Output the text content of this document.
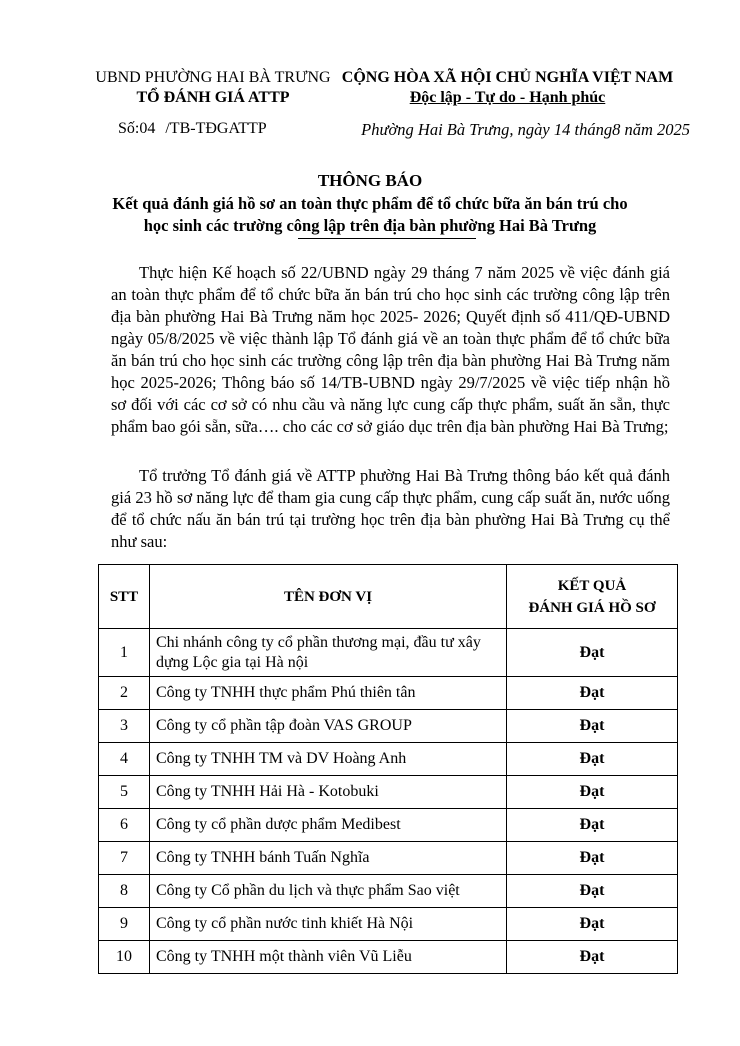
UBND PHƯỜNG HAI BÀ TRƯNG
TỔ ĐÁNH GIÁ ATTP
CỘNG HÒA XÃ HỘI CHỦ NGHĨA VIỆT NAM
Độc lập - Tự do - Hạnh phúc
Số:04 /TB-TĐGATTP	Phường Hai Bà Trưng, ngày 14 tháng8 năm 2025
THÔNG BÁO
Kết quả đánh giá hồ sơ an toàn thực phẩm để tổ chức bữa ăn bán trú cho
học sinh các trường công lập trên địa bàn phường Hai Bà Trưng
Thực hiện Kế hoạch số 22/UBND ngày 29 tháng 7 năm 2025 về việc đánh giá an toàn thực phẩm để tổ chức bữa ăn bán trú cho học sinh các trường công lập trên địa bàn phường Hai Bà Trưng năm học 2025- 2026; Quyết định số 411/QĐ-UBND ngày 05/8/2025 về việc thành lập Tổ đánh giá về an toàn thực phẩm để tổ chức bữa ăn bán trú cho học sinh các trường công lập trên địa bàn phường Hai Bà Trưng năm học 2025-2026; Thông báo số 14/TB-UBND ngày 29/7/2025 về việc tiếp nhận hồ sơ đối với các cơ sở có nhu cầu và năng lực cung cấp thực phẩm, suất ăn sẵn, thực phẩm bao gói sẵn, sữa…. cho các cơ sở giáo dục trên địa bàn phường Hai Bà Trưng;
Tổ trưởng Tổ đánh giá về ATTP phường Hai Bà Trưng thông báo kết quả đánh giá 23 hồ sơ năng lực để tham gia cung cấp thực phẩm, cung cấp suất ăn, nước uống để tổ chức nấu ăn bán trú tại trường học trên địa bàn phường Hai Bà Trưng cụ thể như sau:
STT	TÊN ĐƠN VỊ	KẾT QUẢ
ĐÁNH GIÁ HỒ SƠ

1	Chi nhánh công ty cổ phần thương mại, đầu tư xây dựng Lộc gia tại Hà nội	Đạt
2	Công ty TNHH thực phẩm Phú thiên tân	Đạt
3	Công ty cổ phần tập đoàn VAS GROUP	Đạt
4	Công ty TNHH TM và DV Hoàng Anh	Đạt
5	Công ty TNHH Hải Hà - Kotobuki	Đạt
6	Công ty cổ phần dược phẩm Medibest	Đạt
7	Công ty TNHH bánh Tuấn Nghĩa	Đạt
8	Công ty Cổ phần du lịch và thực phẩm Sao việt	Đạt
9	Công ty cổ phần nước tinh khiết Hà Nội	Đạt
10	Công ty TNHH một thành viên Vũ Liễu	Đạt
